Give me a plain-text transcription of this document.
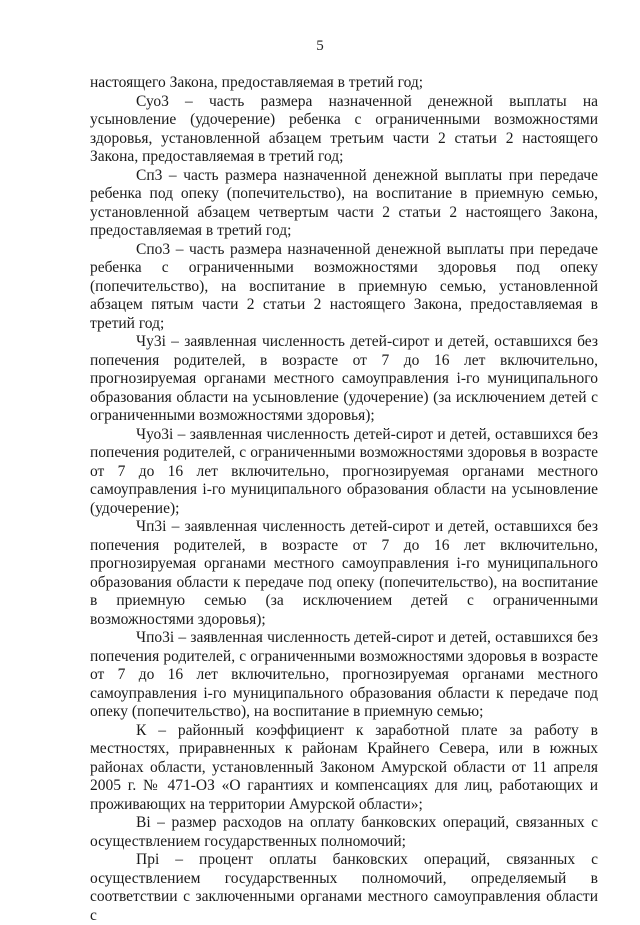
5

настоящего Закона, предоставляемая в третий год;

Суо3 – часть размера назначенной денежной выплаты на усыновление (удочерение) ребенка с ограниченными возможностями здоровья, установленной абзацем третьим части 2 статьи 2 настоящего Закона, предоставляемая в третий год;

Сп3 – часть размера назначенной денежной выплаты при передаче ребенка под опеку (попечительство), на воспитание в приемную семью, установленной абзацем четвертым части 2 статьи 2 настоящего Закона, предоставляемая в третий год;

Спо3 – часть размера назначенной денежной выплаты при передаче ребенка с ограниченными возможностями здоровья под опеку (попечительство), на воспитание в приемную семью, установленной абзацем пятым части 2 статьи 2 настоящего Закона, предоставляемая в третий год;

Чу3i – заявленная численность детей-сирот и детей, оставшихся без попечения родителей, в возрасте от 7 до 16 лет включительно, прогнозируемая органами местного самоуправления i-го муниципального образования области на усыновление (удочерение) (за исключением детей с ограниченными возможностями здоровья);

Чуо3i – заявленная численность детей-сирот и детей, оставшихся без попечения родителей, с ограниченными возможностями здоровья в возрасте от 7 до 16 лет включительно, прогнозируемая органами местного самоуправления i-го муниципального образования области на усыновление (удочерение);

Чп3i – заявленная численность детей-сирот и детей, оставшихся без попечения родителей, в возрасте от 7 до 16 лет включительно, прогнозируемая органами местного самоуправления i-го муниципального образования области к передаче под опеку (попечительство), на воспитание в приемную семью (за исключением детей с ограниченными возможностями здоровья);

Чпо3i – заявленная численность детей-сирот и детей, оставшихся без попечения родителей, с ограниченными возможностями здоровья в возрасте от 7 до 16 лет включительно, прогнозируемая органами местного самоуправления i-го муниципального образования области к передаче под опеку (попечительство), на воспитание в приемную семью;

К – районный коэффициент к заработной плате за работу в местностях, приравненных к районам Крайнего Севера, или в южных районах области, установленный Законом Амурской области от 11 апреля 2005 г. № 471-ОЗ «О гарантиях и компенсациях для лиц, работающих и проживающих на территории Амурской области»;

Вi – размер расходов на оплату банковских операций, связанных с осуществлением государственных полномочий;

Прi – процент оплаты банковских операций, связанных с осуществлением государственных полномочий, определяемый в соответствии с заключенными органами местного самоуправления области с
